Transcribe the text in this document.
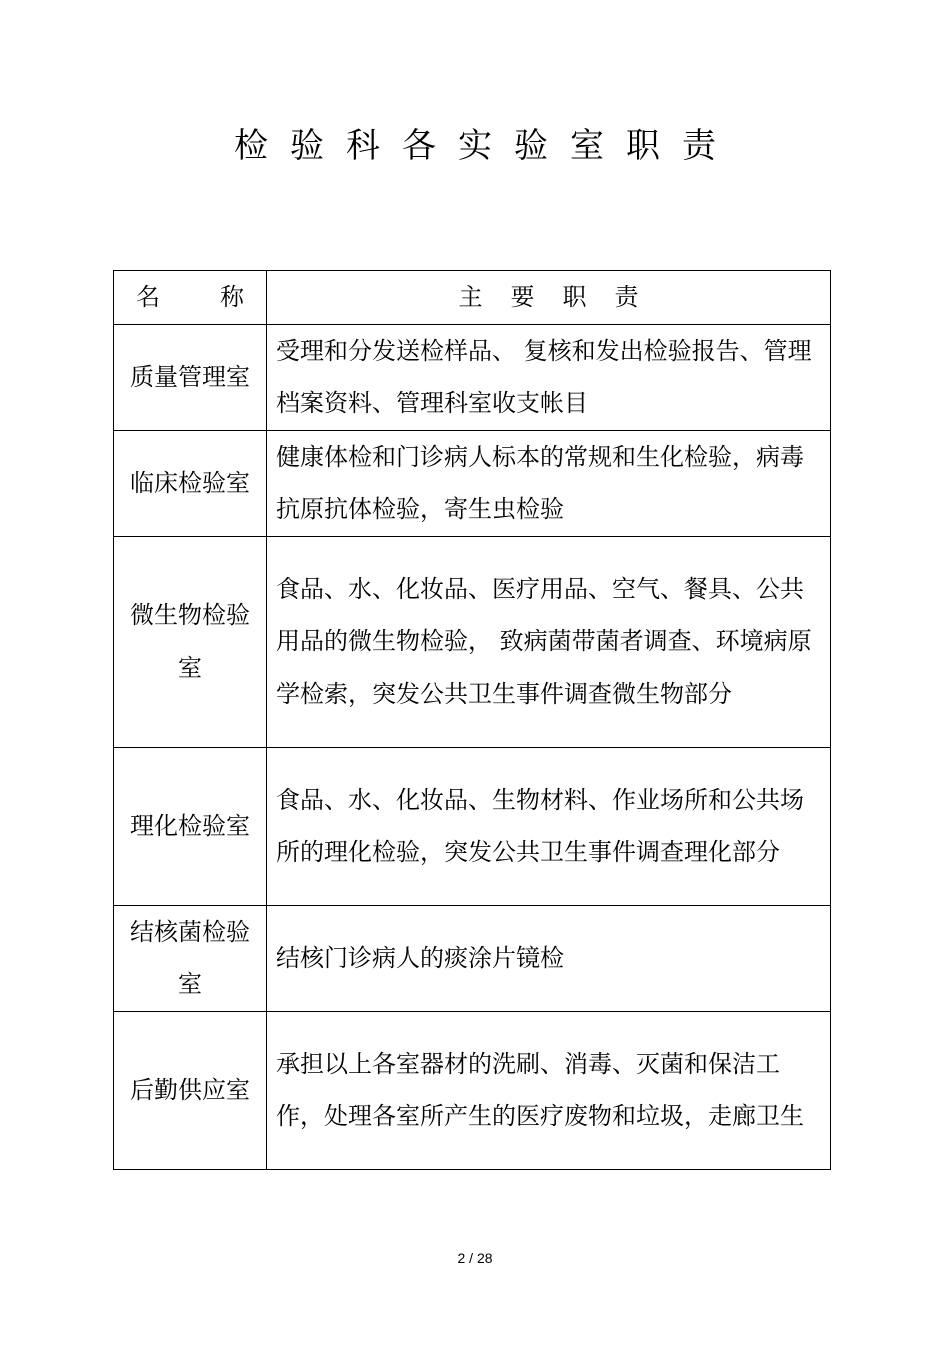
检验科各实验室职责
名称	主要职责
质量管理室	受理和分发送检样品、 复核和发出检验报告、管理档案资料、管理科室收支帐目
临床检验室	健康体检和门诊病人标本的常规和生化检验，病毒抗原抗体检验，寄生虫检验
微生物检验室	食品、水、化妆品、医疗用品、空气、餐具、公共用品的微生物检验， 致病菌带菌者调查、环境病原学检索，突发公共卫生事件调查微生物部分
理化检验室	食品、水、化妆品、生物材料、作业场所和公共场所的理化检验，突发公共卫生事件调查理化部分
结核菌检验室	结核门诊病人的痰涂片镜检
后勤供应室	承担以上各室器材的洗刷、消毒、灭菌和保洁工作，处理各室所产生的医疗废物和垃圾，走廊卫生
2 / 28
